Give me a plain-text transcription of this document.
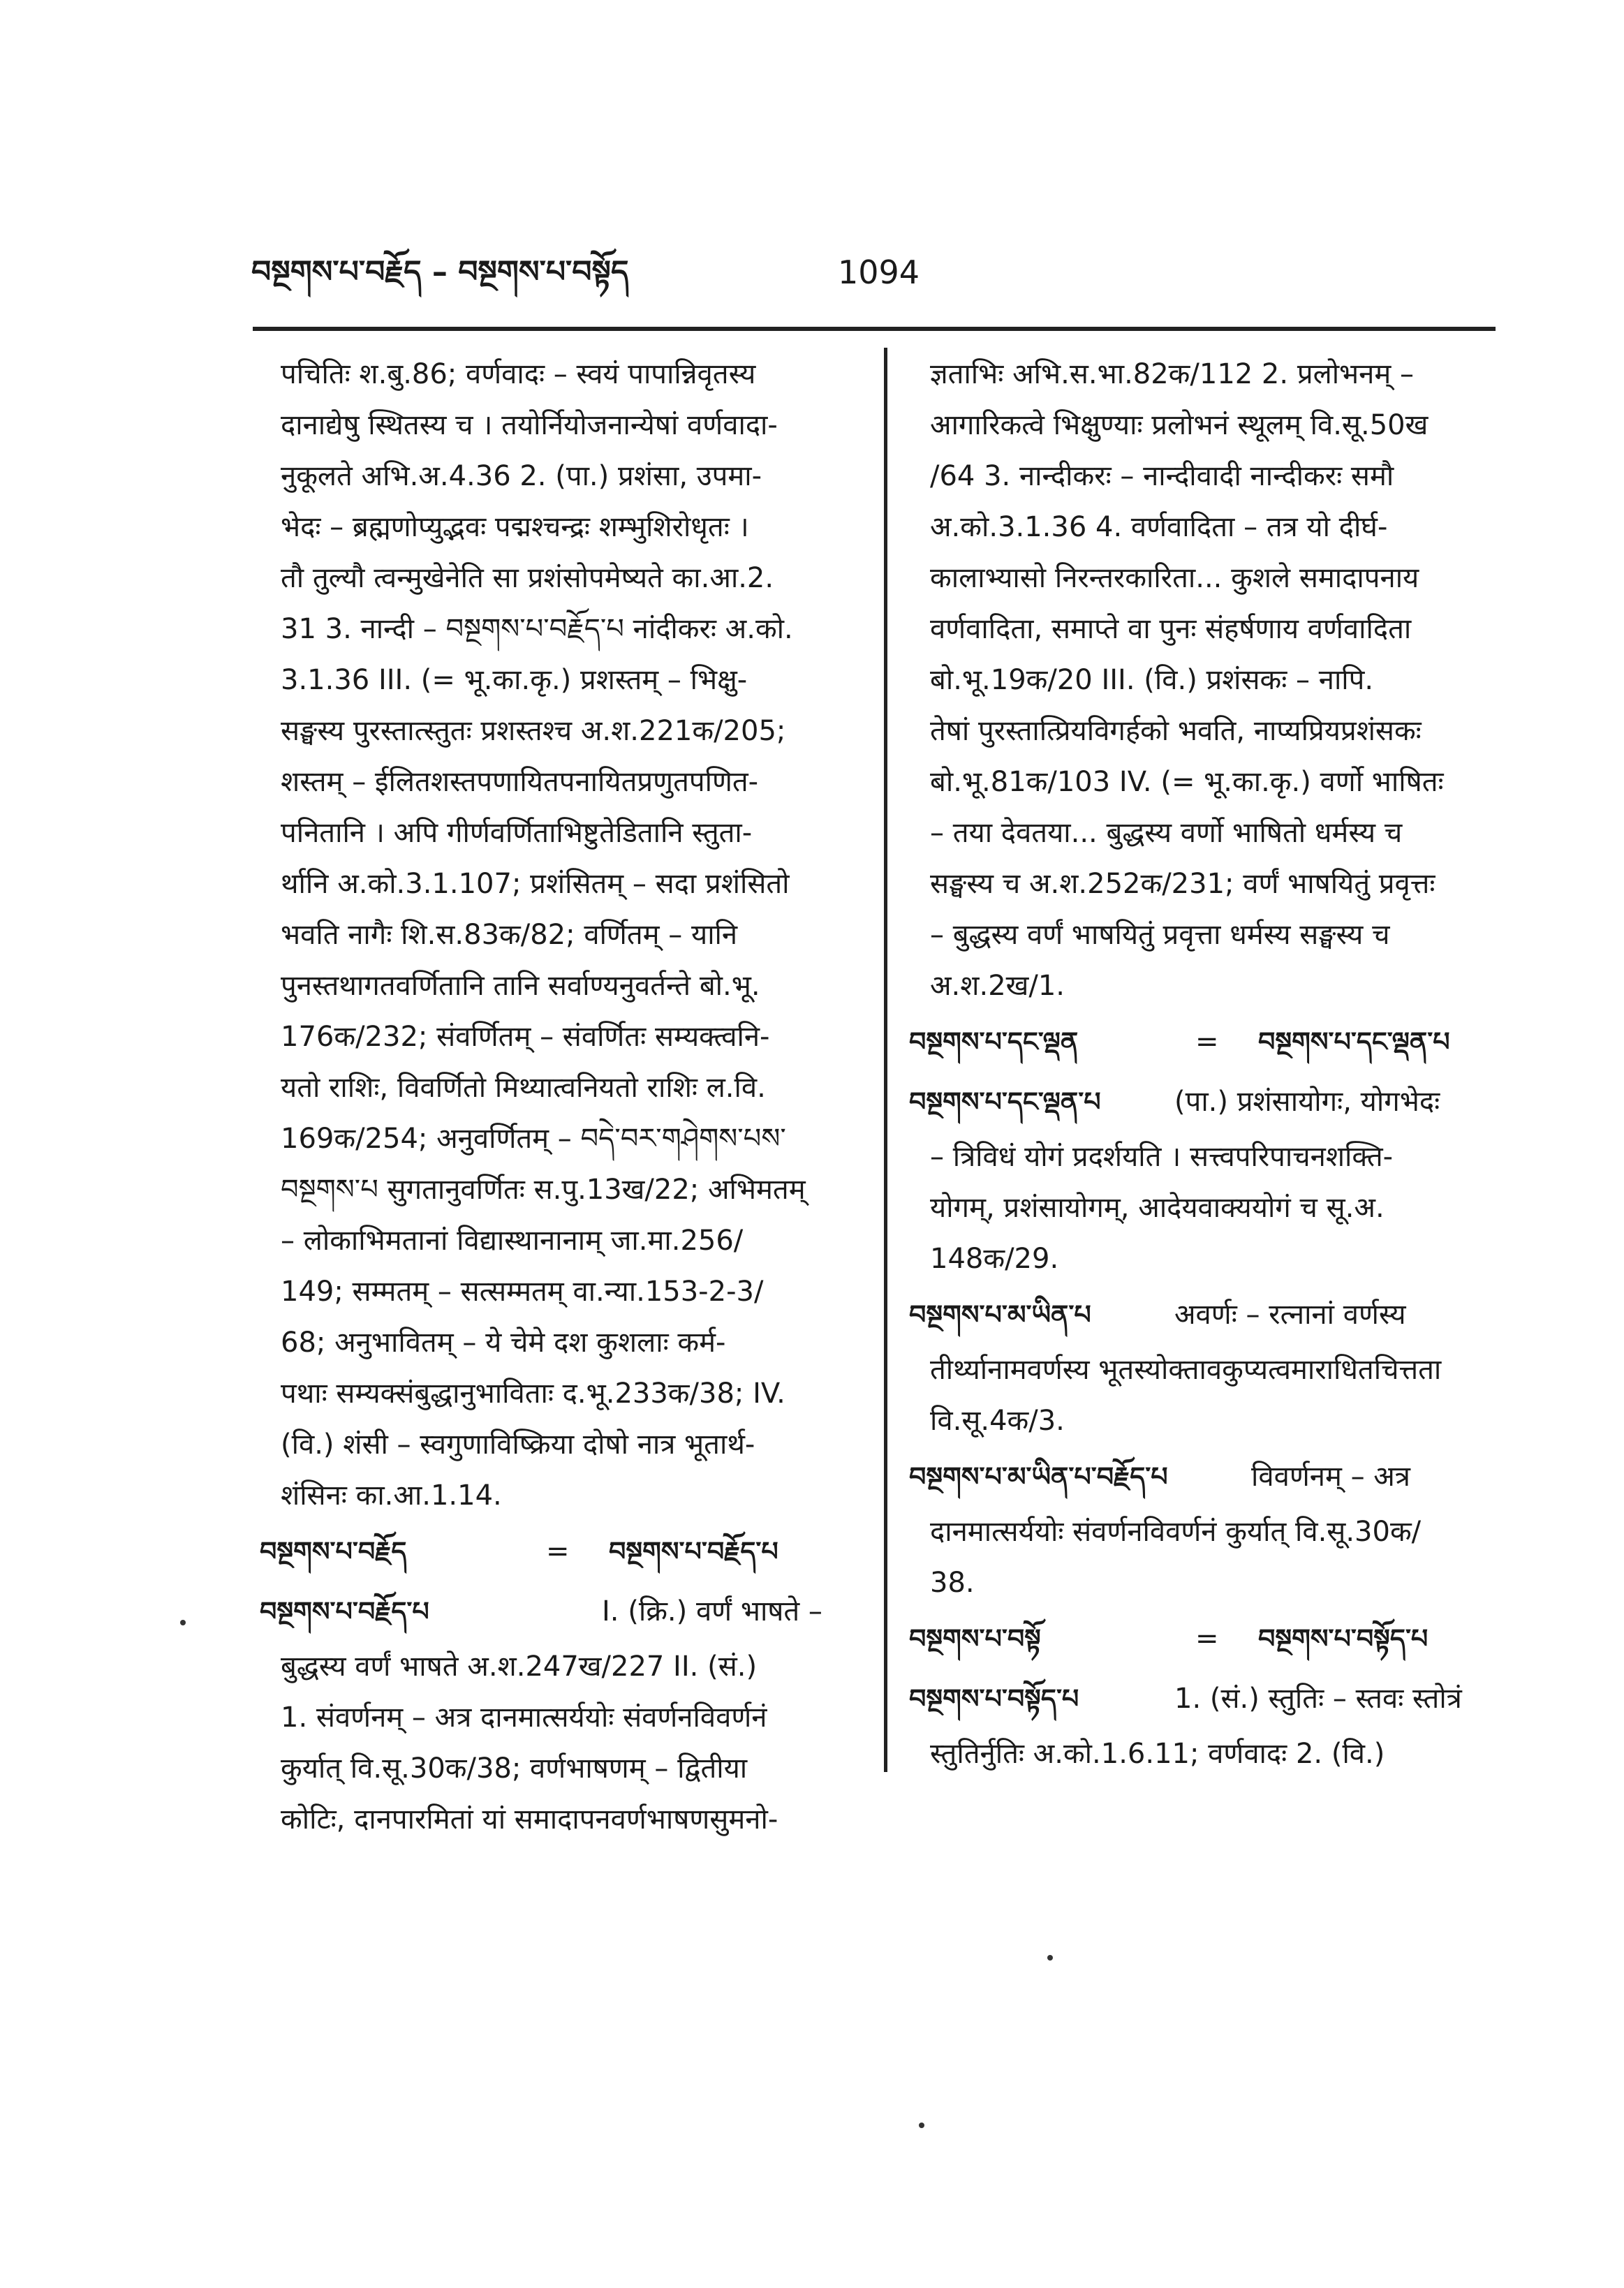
བསྔགས་པ་བརྗོད – བསྔགས་པ་བསྟོད	1094
पचितिः श.बु.86; वर्णवादः – स्वयं पापान्निवृतस्य
दानाद्येषु स्थितस्य च । तयोर्नियोजनान्येषां वर्णवादा-
नुकूलते अभि.अ.4.36 2. (पा.) प्रशंसा, उपमा-
भेदः – ब्रह्मणोप्युद्भवः पद्मश्चन्द्रः शम्भुशिरोधृतः ।
तौ तुल्यौ त्वन्मुखेनेति सा प्रशंसोपमेष्यते का.आ.2.
31 3. नान्दी – བསྔགས་པ་བརྗོད་པ नांदीकरः अ.को.
3.1.36 III. (= भू.का.कृ.) प्रशस्तम् – भिक्षु-
सङ्घस्य पुरस्तात्स्तुतः प्रशस्तश्च अ.श.221क/205;
शस्तम् – ईलितशस्तपणायितपनायितप्रणुतपणित-
पनितानि । अपि गीर्णवर्णिताभिष्टुतेडितानि स्तुता-
र्थानि अ.को.3.1.107; प्रशंसितम् – सदा प्रशंसितो
भवति नागैः शि.स.83क/82; वर्णितम् – यानि
पुनस्तथागतवर्णितानि तानि सर्वाण्यनुवर्तन्ते बो.भू.
176क/232; संवर्णितम् – संवर्णितः सम्यक्त्वनि-
यतो राशिः, विवर्णितो मिथ्यात्वनियतो राशिः ल.वि.
169क/254; अनुवर्णितम् – བདེ་བར་གཤེགས་པས་
བསྔགས་པ सुगतानुवर्णितः स.पु.13ख/22; अभिमतम्
– लोकाभिमतानां विद्यास्थानानाम् जा.मा.256/
149; सम्मतम् – सत्सम्मतम् वा.न्या.153-2-3/
68; अनुभावितम् – ये चेमे दश कुशलाः कर्म-
पथाः सम्यक्संबुद्धानुभाविताः द.भू.233क/38; IV.
(वि.) शंसी – स्वगुणाविष्क्रिया दोषो नात्र भूतार्थ-
शंसिनः का.आ.1.14.
བསྔགས་པ་བརྗོད	= བསྔགས་པ་བརྗོད་པ
བསྔགས་པ་བརྗོད་པ	I. (क्रि.) वर्णं भाषते –
बुद्धस्य वर्णं भाषते अ.श.247ख/227 II. (सं.)
1. संवर्णनम् – अत्र दानमात्सर्ययोः संवर्णनविवर्णनं
कुर्यात् वि.सू.30क/38; वर्णभाषणम् – द्वितीया
कोटिः, दानपारमितां यां समादापनवर्णभाषणसुमनो-
ज्ञताभिः अभि.स.भा.82क/112 2. प्रलोभनम् –
आगारिकत्वे भिक्षुण्याः प्रलोभनं स्थूलम् वि.सू.50ख
/64 3. नान्दीकरः – नान्दीवादी नान्दीकरः समौ
अ.को.3.1.36 4. वर्णवादिता – तत्र यो दीर्घ-
कालाभ्यासो निरन्तरकारिता... कुशले समादापनाय
वर्णवादिता, समाप्ते वा पुनः संहर्षणाय वर्णवादिता
बो.भू.19क/20 III. (वि.) प्रशंसकः – नापि.
तेषां पुरस्तात्प्रियविगर्हको भवति, नाप्यप्रियप्रशंसकः
बो.भू.81क/103 IV. (= भू.का.कृ.) वर्णो भाषितः
– तया देवतया... बुद्धस्य वर्णो भाषितो धर्मस्य च
सङ्घस्य च अ.श.252क/231; वर्णं भाषयितुं प्रवृत्तः
– बुद्धस्य वर्णं भाषयितुं प्रवृत्ता धर्मस्य सङ्घस्य च
अ.श.2ख/1.
བསྔགས་པ་དང་ལྡན	= བསྔགས་པ་དང་ལྡན་པ
བསྔགས་པ་དང་ལྡན་པ	(पा.) प्रशंसायोगः, योगभेदः
– त्रिविधं योगं प्रदर्शयति । सत्त्वपरिपाचनशक्ति-
योगम्, प्रशंसायोगम्, आदेयवाक्ययोगं च सू.अ.
148क/29.
བསྔགས་པ་མ་ཡིན་པ	अवर्णः – रत्नानां वर्णस्य
तीर्थ्यानामवर्णस्य भूतस्योक्तावकुप्यत्वमाराधितचित्तता
वि.सू.4क/3.
བསྔགས་པ་མ་ཡིན་པ་བརྗོད་པ	विवर्णनम् – अत्र
दानमात्सर्ययोः संवर्णनविवर्णनं कुर्यात् वि.सू.30क/
38.
བསྔགས་པ་བསྟོ	= བསྔགས་པ་བསྟོད་པ
བསྔགས་པ་བསྟོད་པ	1. (सं.) स्तुतिः – स्तवः स्तोत्रं
स्तुतिर्नुतिः अ.को.1.6.11; वर्णवादः 2. (वि.)
